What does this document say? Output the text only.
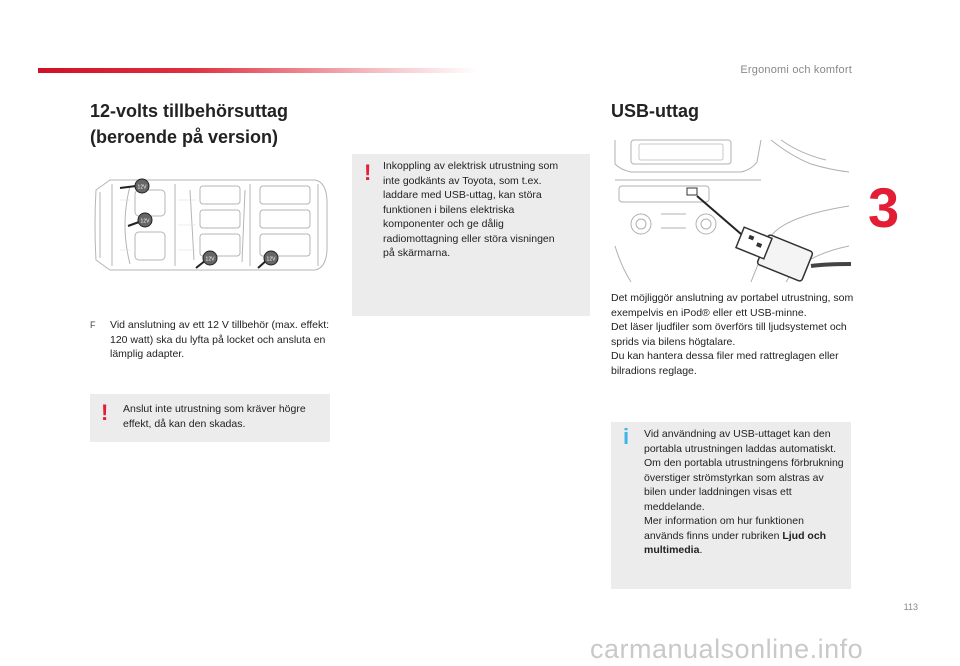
Ergonomi och komfort
3
12-volts tillbehörsuttag
(beroende på version)
12V
12V
12V	12V
F Vid anslutning av ett 12 V tillbehör (max. effekt: 120 watt) ska du lyfta på locket och ansluta en lämplig adapter.
! Anslut inte utrustning som kräver högre effekt, då kan den skadas.
! Inkoppling av elektrisk utrustning som inte godkänts av Toyota, som t.ex. laddare med USB-uttag, kan störa funktionen i bilens elektriska komponenter och ge dålig radiomottagning eller störa visningen på skärmarna.
USB-uttag
Det möjliggör anslutning av portabel utrustning, som exempelvis en iPod® eller ett USB-minne.
Det läser ljudfiler som överförs till ljudsystemet och sprids via bilens högtalare.
Du kan hantera dessa filer med rattreglagen eller bilradions reglage.
i Vid användning av USB-uttaget kan den portabla utrustningen laddas automatiskt.
Om den portabla utrustningens förbrukning överstiger strömstyrkan som alstras av bilen under laddningen visas ett meddelande.
Mer information om hur funktionen används finns under rubriken Ljud och multimedia.
113
carmanualsonline.info
